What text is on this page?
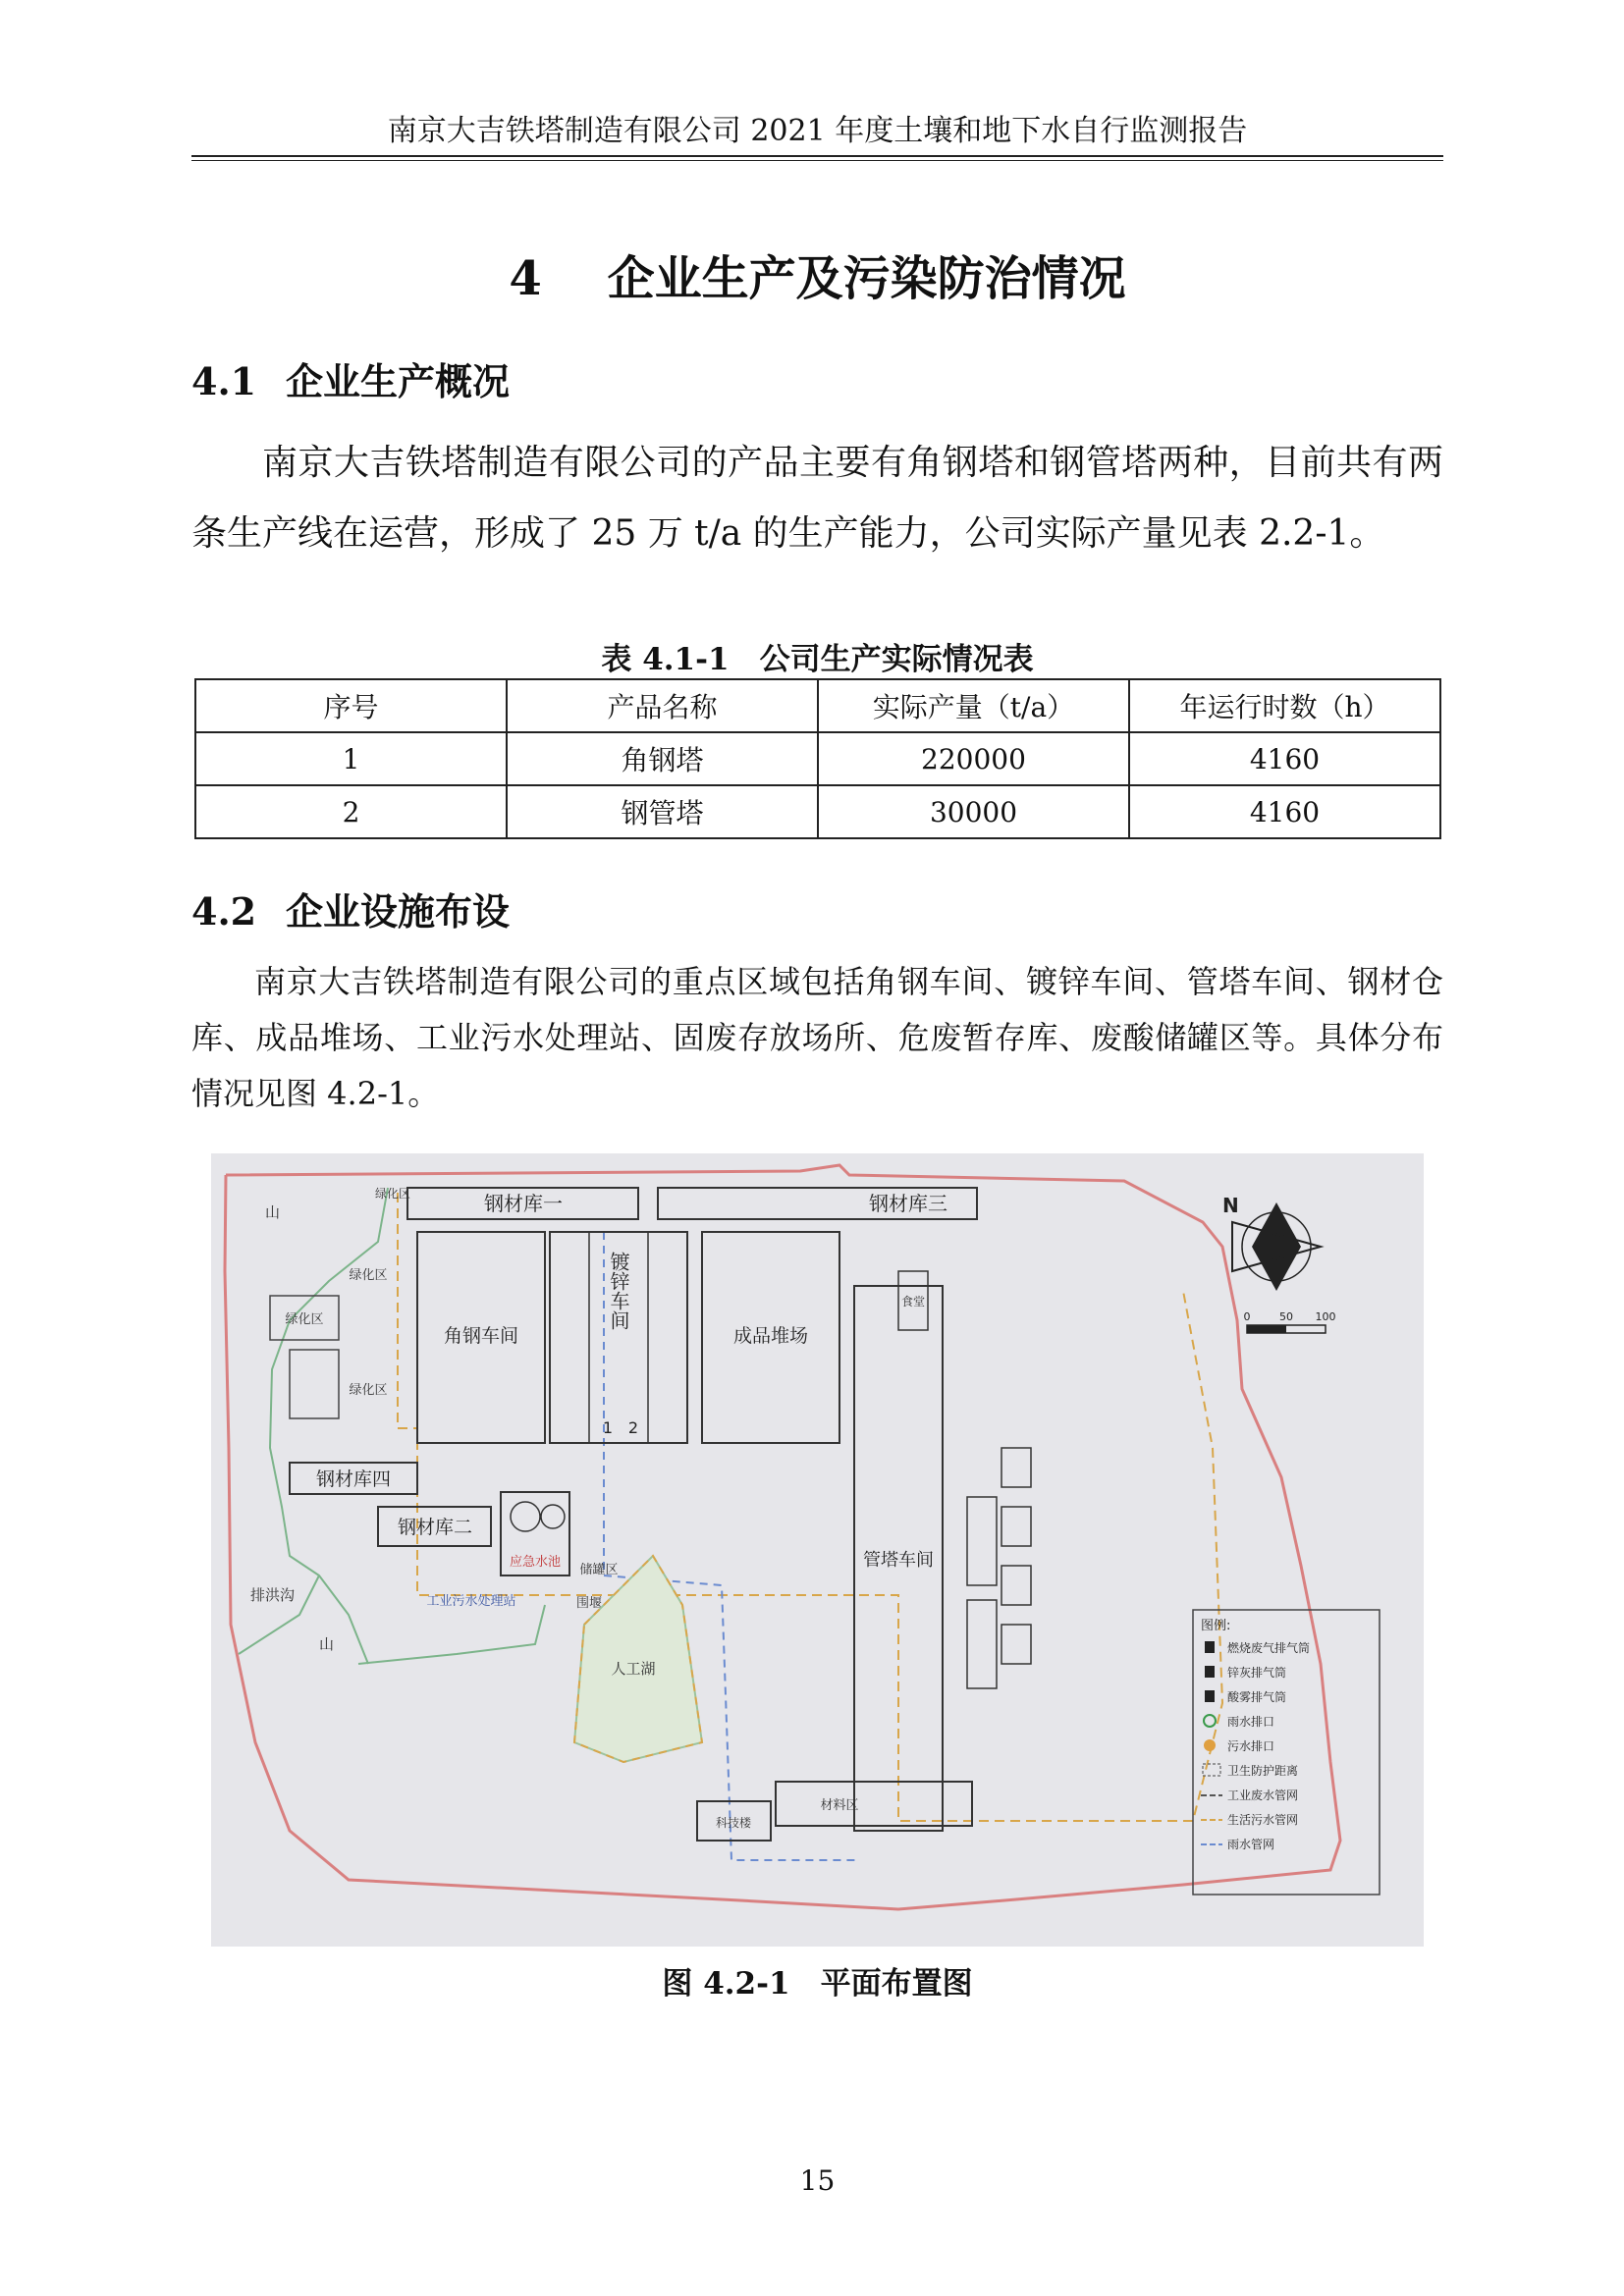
南京大吉铁塔制造有限公司 2021 年度土壤和地下水自行监测报告
4 企业生产及污染防治情况
4.1 企业生产概况
南京大吉铁塔制造有限公司的产品主要有角钢塔和钢管塔两种，目前共有两条生产线在运营，形成了 25 万 t/a 的生产能力，公司实际产量见表 2.2-1。
表 4.1-1　公司生产实际情况表
序号	产品名称	实际产量（t/a）	年运行时数（h）
1	角钢塔	220000	4160
2	钢管塔	30000	4160
4.2 企业设施布设
南京大吉铁塔制造有限公司的重点区域包括角钢车间、镀锌车间、管塔车间、钢材仓库、成品堆场、工业污水处理站、固废存放场所、危废暂存库、废酸储罐区等。具体分布情况见图 4.2-1。
钢材库一	钢材库三
角钢车间
镀锌车间
1 2
成品堆场
管塔车间
绿化区
绿化区
绿化区
绿化区
钢材库四
钢材库二
应急水池
工业污水处理站
储罐区
围堰
人工湖
科技楼
材料区
食堂
山
山
排洪沟
N
0	50 100
图例:
燃烧废气排气筒
锌灰排气筒
酸雾排气筒
雨水排口
污水排口
卫生防护距离
工业废水管网
生活污水管网
雨水管网
图 4.2-1　平面布置图
15
